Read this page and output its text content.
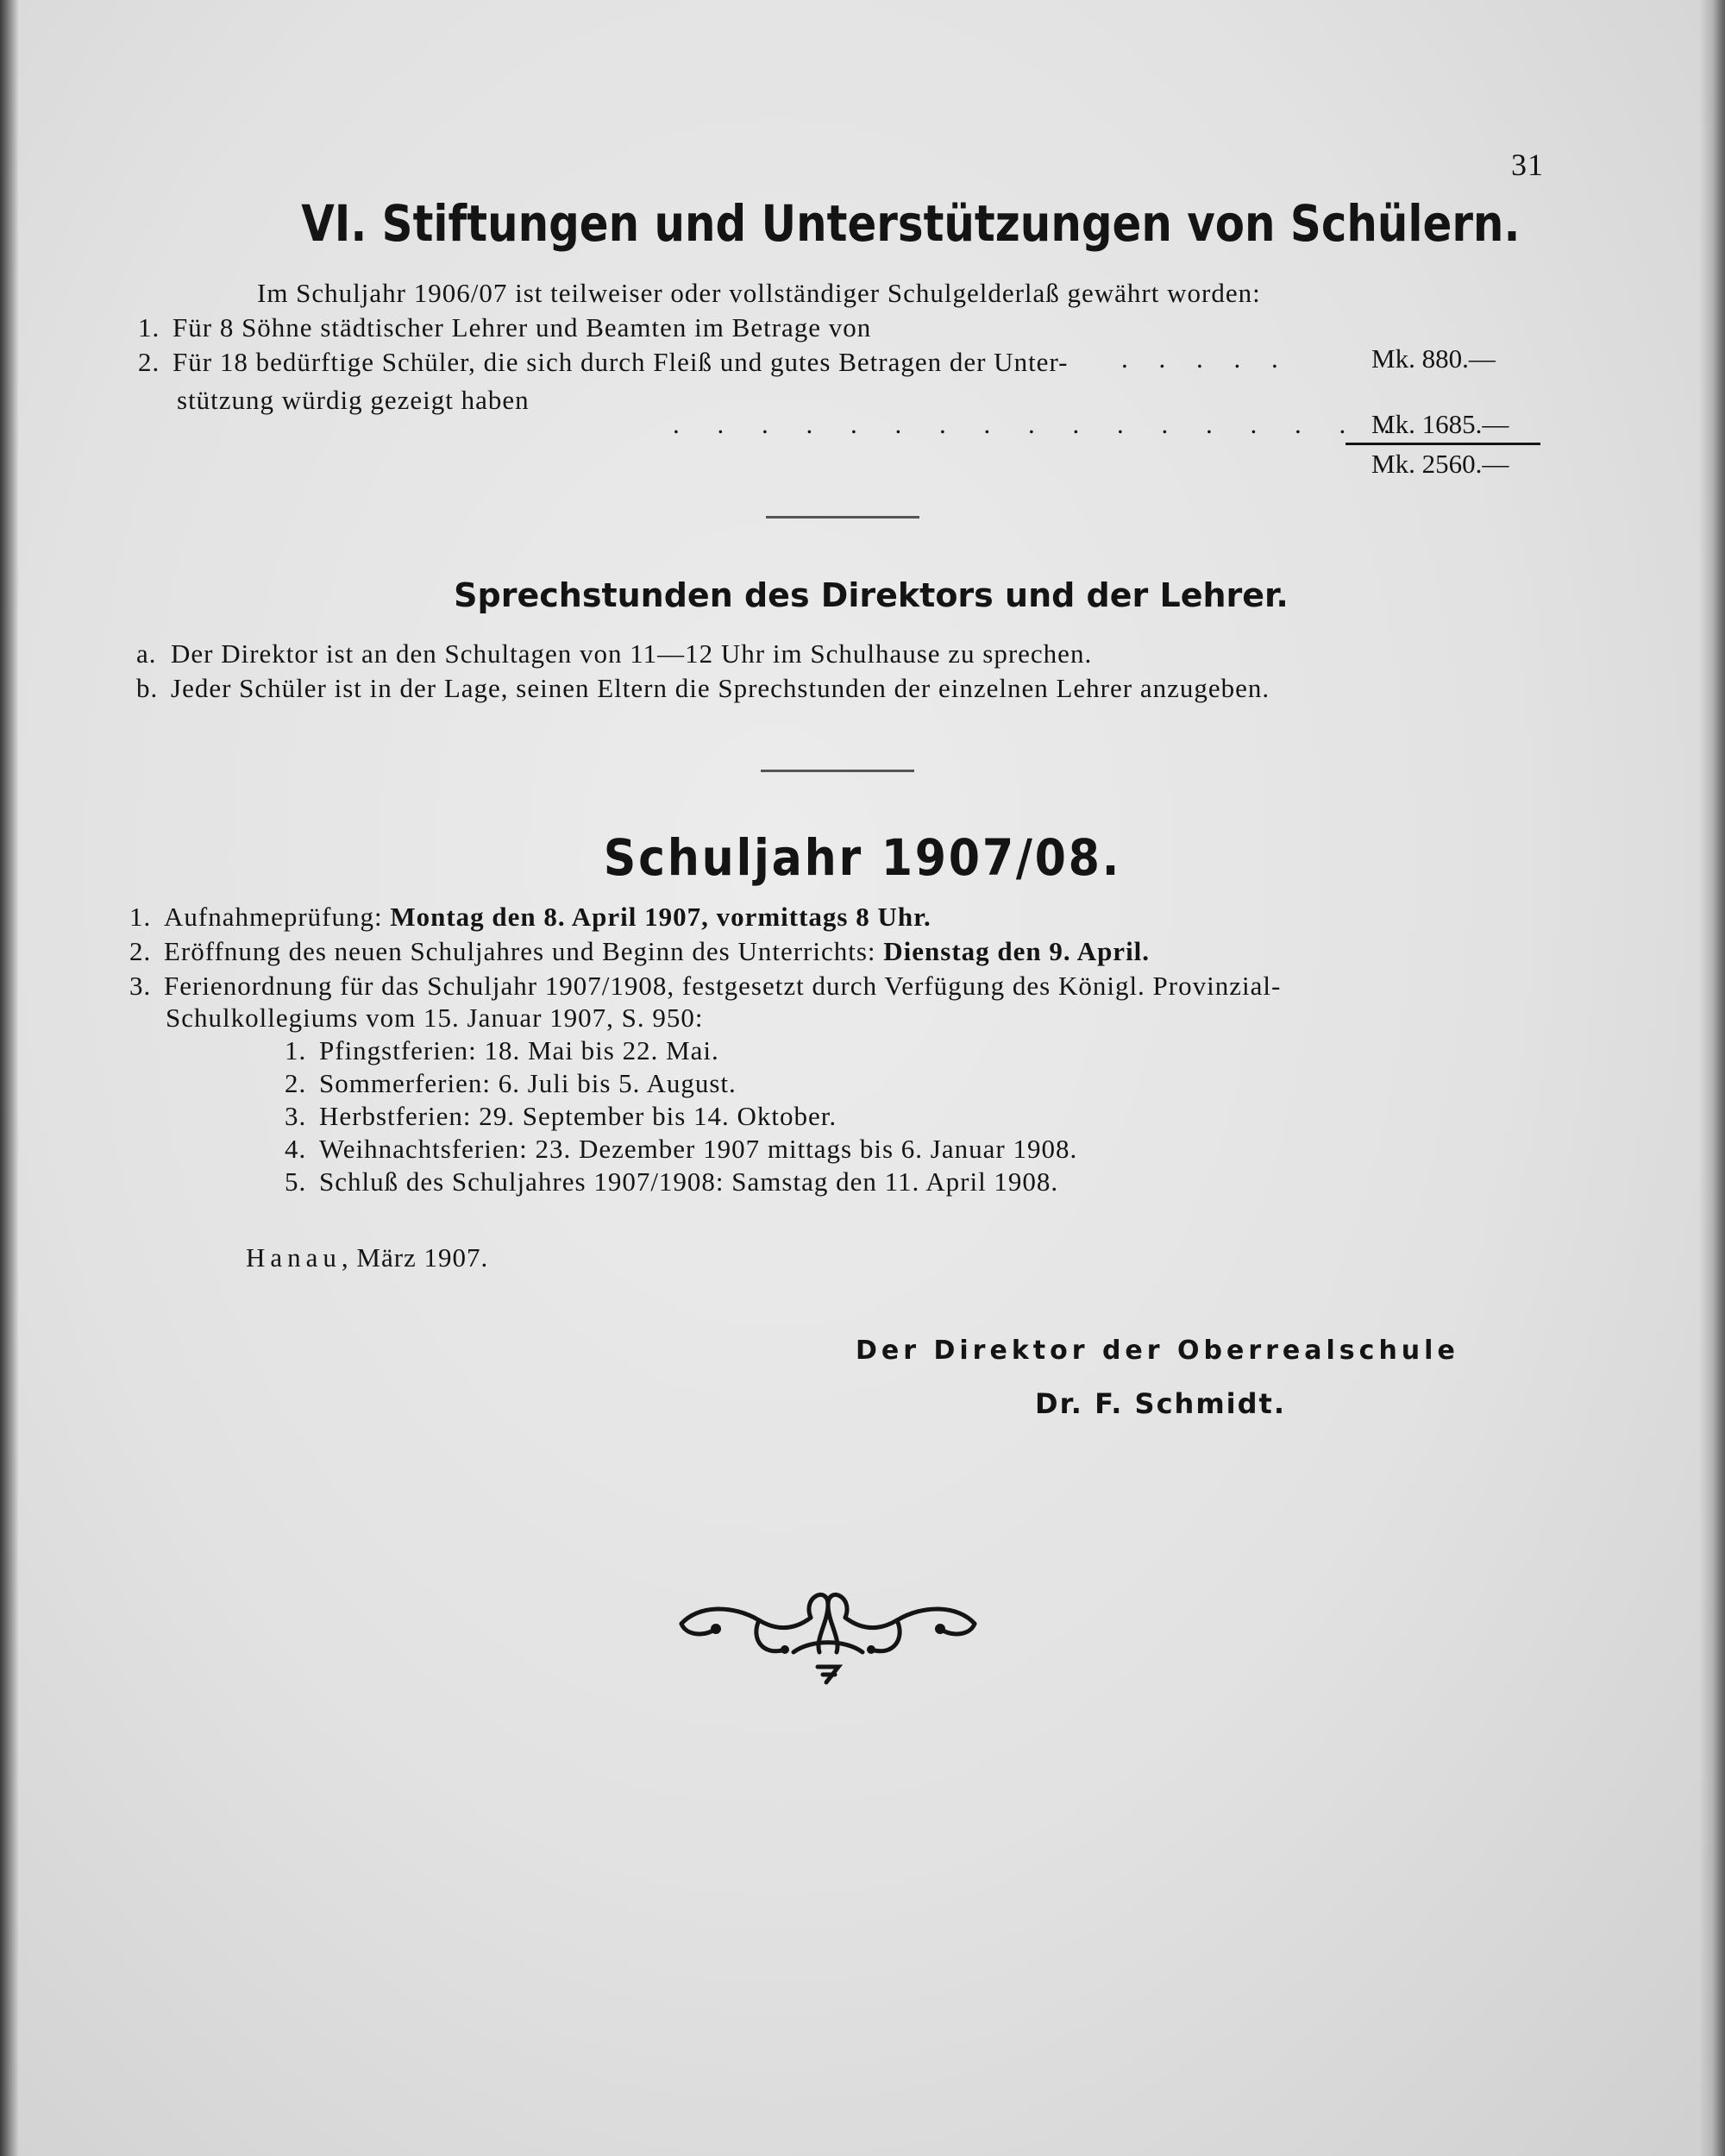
31
VI. Stiftungen und Unterstützungen von Schülern.
Im Schuljahr 1906/07 ist teilweiser oder vollständiger Schulgelderlaß gewährt worden:
1. Für 8 Söhne städtischer Lehrer und Beamten im Betrage von
. . . . .	Mk. 880.—
2. Für 18 bedürftige Schüler, die sich durch Fleiß und gutes Betragen der Unter-
stützung würdig gezeigt haben
. . . . . . . . . . . . . . . . .
Mk. 1685.—
Mk. 2560.—
Sprechstunden des Direktors und der Lehrer.
a. Der Direktor ist an den Schultagen von 11—12 Uhr im Schulhause zu sprechen.
b. Jeder Schüler ist in der Lage, seinen Eltern die Sprechstunden der einzelnen Lehrer anzugeben.
Schuljahr 1907/08.
1. Aufnahmeprüfung: Montag den 8. April 1907, vormittags 8 Uhr.
2. Eröffnung des neuen Schuljahres und Beginn des Unterrichts: Dienstag den 9. April.
3. Ferienordnung für das Schuljahr 1907/1908, festgesetzt durch Verfügung des Königl. Provinzial-
Schulkollegiums vom 15. Januar 1907, S. 950:
1. Pfingstferien: 18. Mai bis 22. Mai.
2. Sommerferien: 6. Juli bis 5. August.
3. Herbstferien: 29. September bis 14. Oktober.
4. Weihnachtsferien: 23. Dezember 1907 mittags bis 6. Januar 1908.
5. Schluß des Schuljahres 1907/1908: Samstag den 11. April 1908.
Hanau, März 1907.
Der Direktor der Oberrealschule
Dr. F. Schmidt.
